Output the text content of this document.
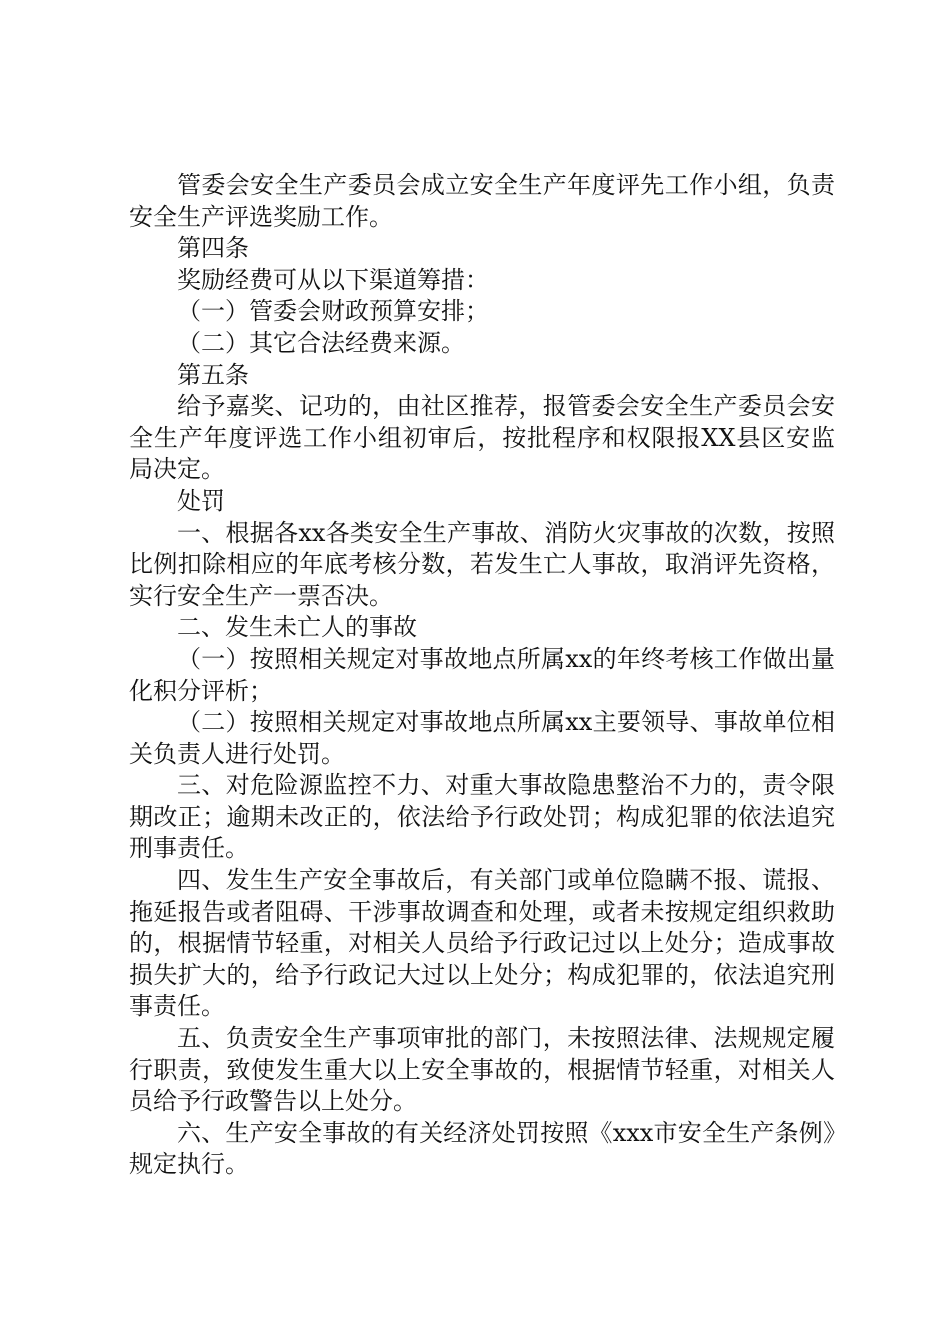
管委会安全生产委员会成立安全生产年度评先工作小组，负责安全生产评选奖励工作。

第四条

奖励经费可从以下渠道筹措：

（一）管委会财政预算安排；

（二）其它合法经费来源。

第五条

给予嘉奖、记功的，由社区推荐，报管委会安全生产委员会安全生产年度评选工作小组初审后，按批程序和权限报XX县区安监局决定。

处罚

一、根据各xx各类安全生产事故、消防火灾事故的次数，按照比例扣除相应的年底考核分数，若发生亡人事故，取消评先资格，实行安全生产一票否决。

二、发生未亡人的事故

（一）按照相关规定对事故地点所属xx的年终考核工作做出量化积分评析；

（二）按照相关规定对事故地点所属xx主要领导、事故单位相关负责人进行处罚。

三、对危险源监控不力、对重大事故隐患整治不力的，责令限期改正；逾期未改正的，依法给予行政处罚；构成犯罪的依法追究刑事责任。

四、发生生产安全事故后，有关部门或单位隐瞒不报、谎报、拖延报告或者阻碍、干涉事故调查和处理，或者未按规定组织救助的，根据情节轻重，对相关人员给予行政记过以上处分；造成事故损失扩大的，给予行政记大过以上处分；构成犯罪的，依法追究刑事责任。

五、负责安全生产事项审批的部门，未按照法律、法规规定履行职责，致使发生重大以上安全事故的，根据情节轻重，对相关人员给予行政警告以上处分。

六、生产安全事故的有关经济处罚按照《xxx市安全生产条例》规定执行。
